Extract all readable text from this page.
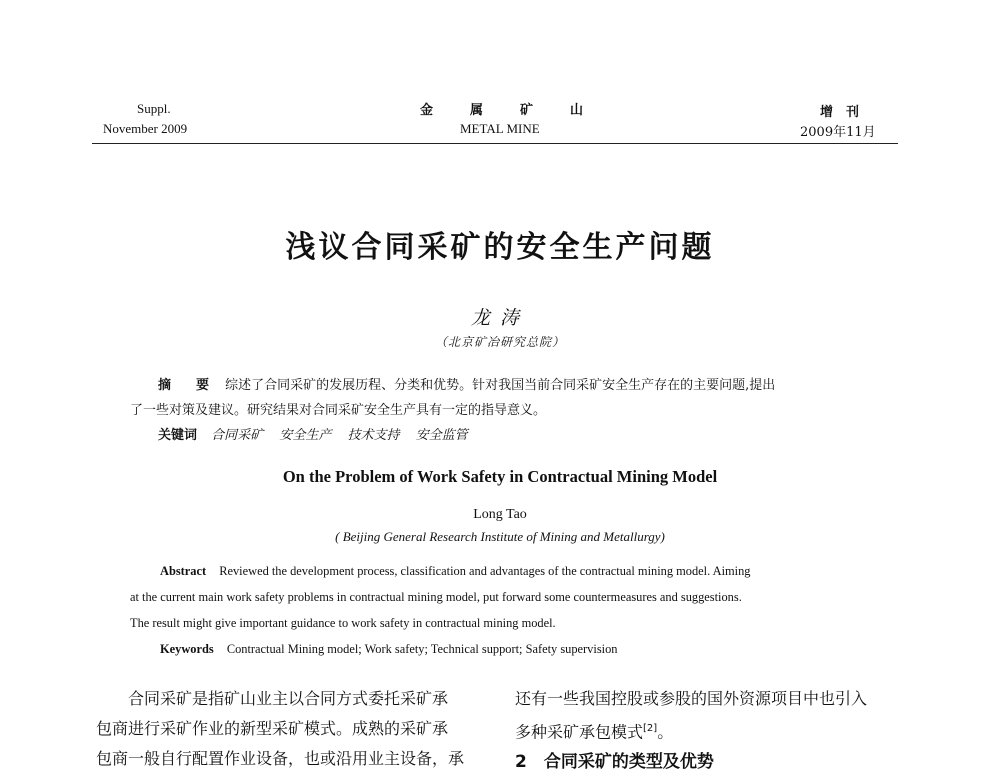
Suppl.
November 2009
金　属　矿　山
METAL MINE
增　刊
2009年11月
浅议合同采矿的安全生产问题
龙涛
（北京矿冶研究总院）
摘　要 综述了合同采矿的发展历程、分类和优势。针对我国当前合同采矿安全生产存在的主要问题,提出
了一些对策及建议。研究结果对合同采矿安全生产具有一定的指导意义。
关键词 合同采矿 安全生产 技术支持 安全监管
On the Problem of Work Safety in Contractual Mining Model
Long Tao
( Beijing General Research Institute of Mining and Metallurgy)
Abstract Reviewed the development process, classification and advantages of the contractual mining model. Aiming
at the current main work safety problems in contractual mining model, put forward some countermeasures and suggestions.
The result might give important guidance to work safety in contractual mining model.
Keywords Contractual Mining model; Work safety; Technical support; Safety supervision
合同采矿是指矿山业主以合同方式委托采矿承
包商进行采矿作业的新型采矿模式。成熟的采矿承
包商一般自行配置作业设备，也或沿用业主设备，承
还有一些我国控股或参股的国外资源项目中也引入
多种采矿承包模式[2]。
2　合同采矿的类型及优势
